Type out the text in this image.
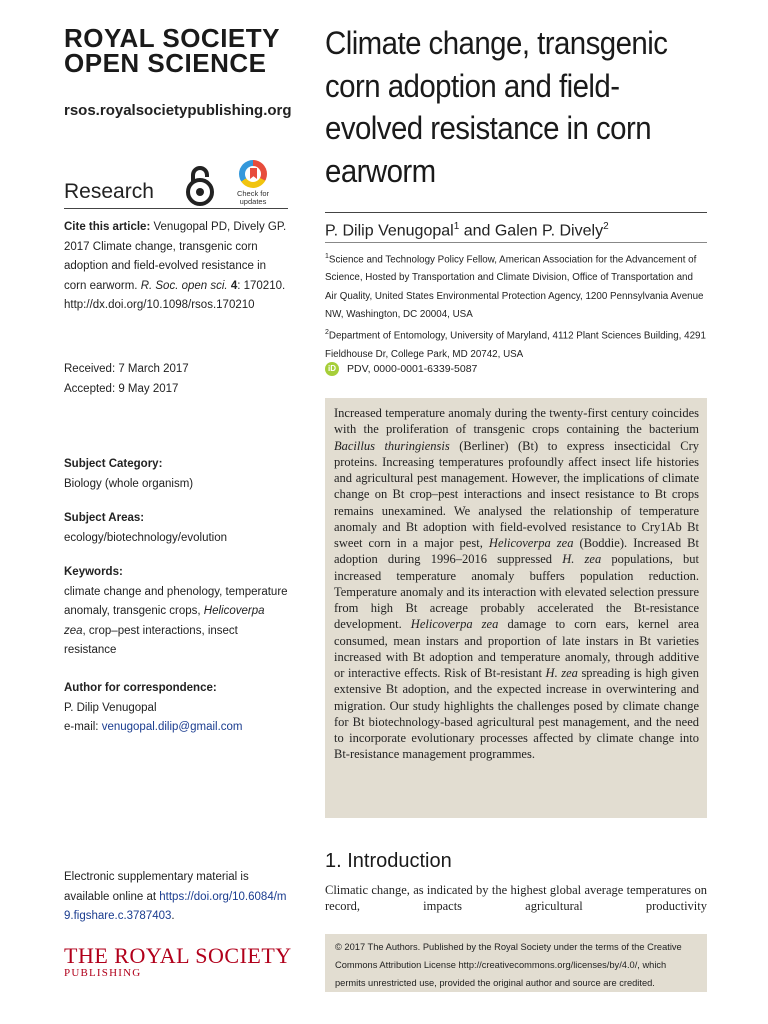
ROYAL SOCIETY
OPEN SCIENCE
rsos.royalsocietypublishing.org
Research	Check for
updates
Cite this article: Venugopal PD, Dively GP. 2017 Climate change, transgenic corn adoption and field-evolved resistance in corn earworm. R. Soc. open sci. 4: 170210.
http://dx.doi.org/10.1098/rsos.170210
Received: 7 March 2017
Accepted: 9 May 2017
Subject Category:
Biology (whole organism)
Subject Areas:
ecology/biotechnology/evolution
Keywords:
climate change and phenology, temperature anomaly, transgenic crops, Helicoverpa zea, crop–pest interactions, insect resistance
Author for correspondence:
P. Dilip Venugopal
e-mail: venugopal.dilip@gmail.com
Electronic supplementary material is available online at https://doi.org/10.6084/m9.figshare.c.3787403.
THE ROYAL SOCIETY
PUBLISHING
Climate change, transgenic corn adoption and field-evolved resistance in corn earworm
P. Dilip Venugopal$^1$ and Galen P. Dively$^2$
$^1$Science and Technology Policy Fellow, American Association for the Advancement of Science, Hosted by Transportation and Climate Division, Office of Transportation and Air Quality, United States Environmental Protection Agency, 1200 Pennsylvania Avenue NW, Washington, DC 20004, USA
$^2$Department of Entomology, University of Maryland, 4112 Plant Sciences Building, 4291 Fieldhouse Dr, College Park, MD 20742, USA
iD PDV, 0000-0001-6339-5087

Increased temperature anomaly during the twenty-first century coincides with the proliferation of transgenic crops containing the bacterium Bacillus thuringiensis (Berliner) (Bt) to express insecticidal Cry proteins. Increasing temperatures profoundly affect insect life histories and agricultural pest management. However, the implications of climate change on Bt crop–pest interactions and insect resistance to Bt crops remains unexamined. We analysed the relationship of temperature anomaly and Bt adoption with field-evolved resistance to Cry1Ab Bt sweet corn in a major pest, Helicoverpa zea (Boddie). Increased Bt adoption during 1996–2016 suppressed H. zea populations, but increased temperature anomaly buffers population reduction. Temperature anomaly and its interaction with elevated selection pressure from high Bt acreage probably accelerated the Bt-resistance development. Helicoverpa zea damage to corn ears, kernel area consumed, mean instars and proportion of late instars in Bt varieties increased with Bt adoption and temperature anomaly, through additive or interactive effects. Risk of Bt-resistant H. zea spreading is high given extensive Bt adoption, and the expected increase in overwintering and migration. Our study highlights the challenges posed by climate change for Bt biotechnology-based agricultural pest management, and the need to incorporate evolutionary processes affected by climate change into Bt-resistance management programmes.

1. Introduction

Climatic change, as indicated by the highest global average temperatures on record, impacts agricultural productivity

© 2017 The Authors. Published by the Royal Society under the terms of the Creative Commons Attribution License http://creativecommons.org/licenses/by/4.0/, which permits unrestricted use, provided the original author and source are credited.
